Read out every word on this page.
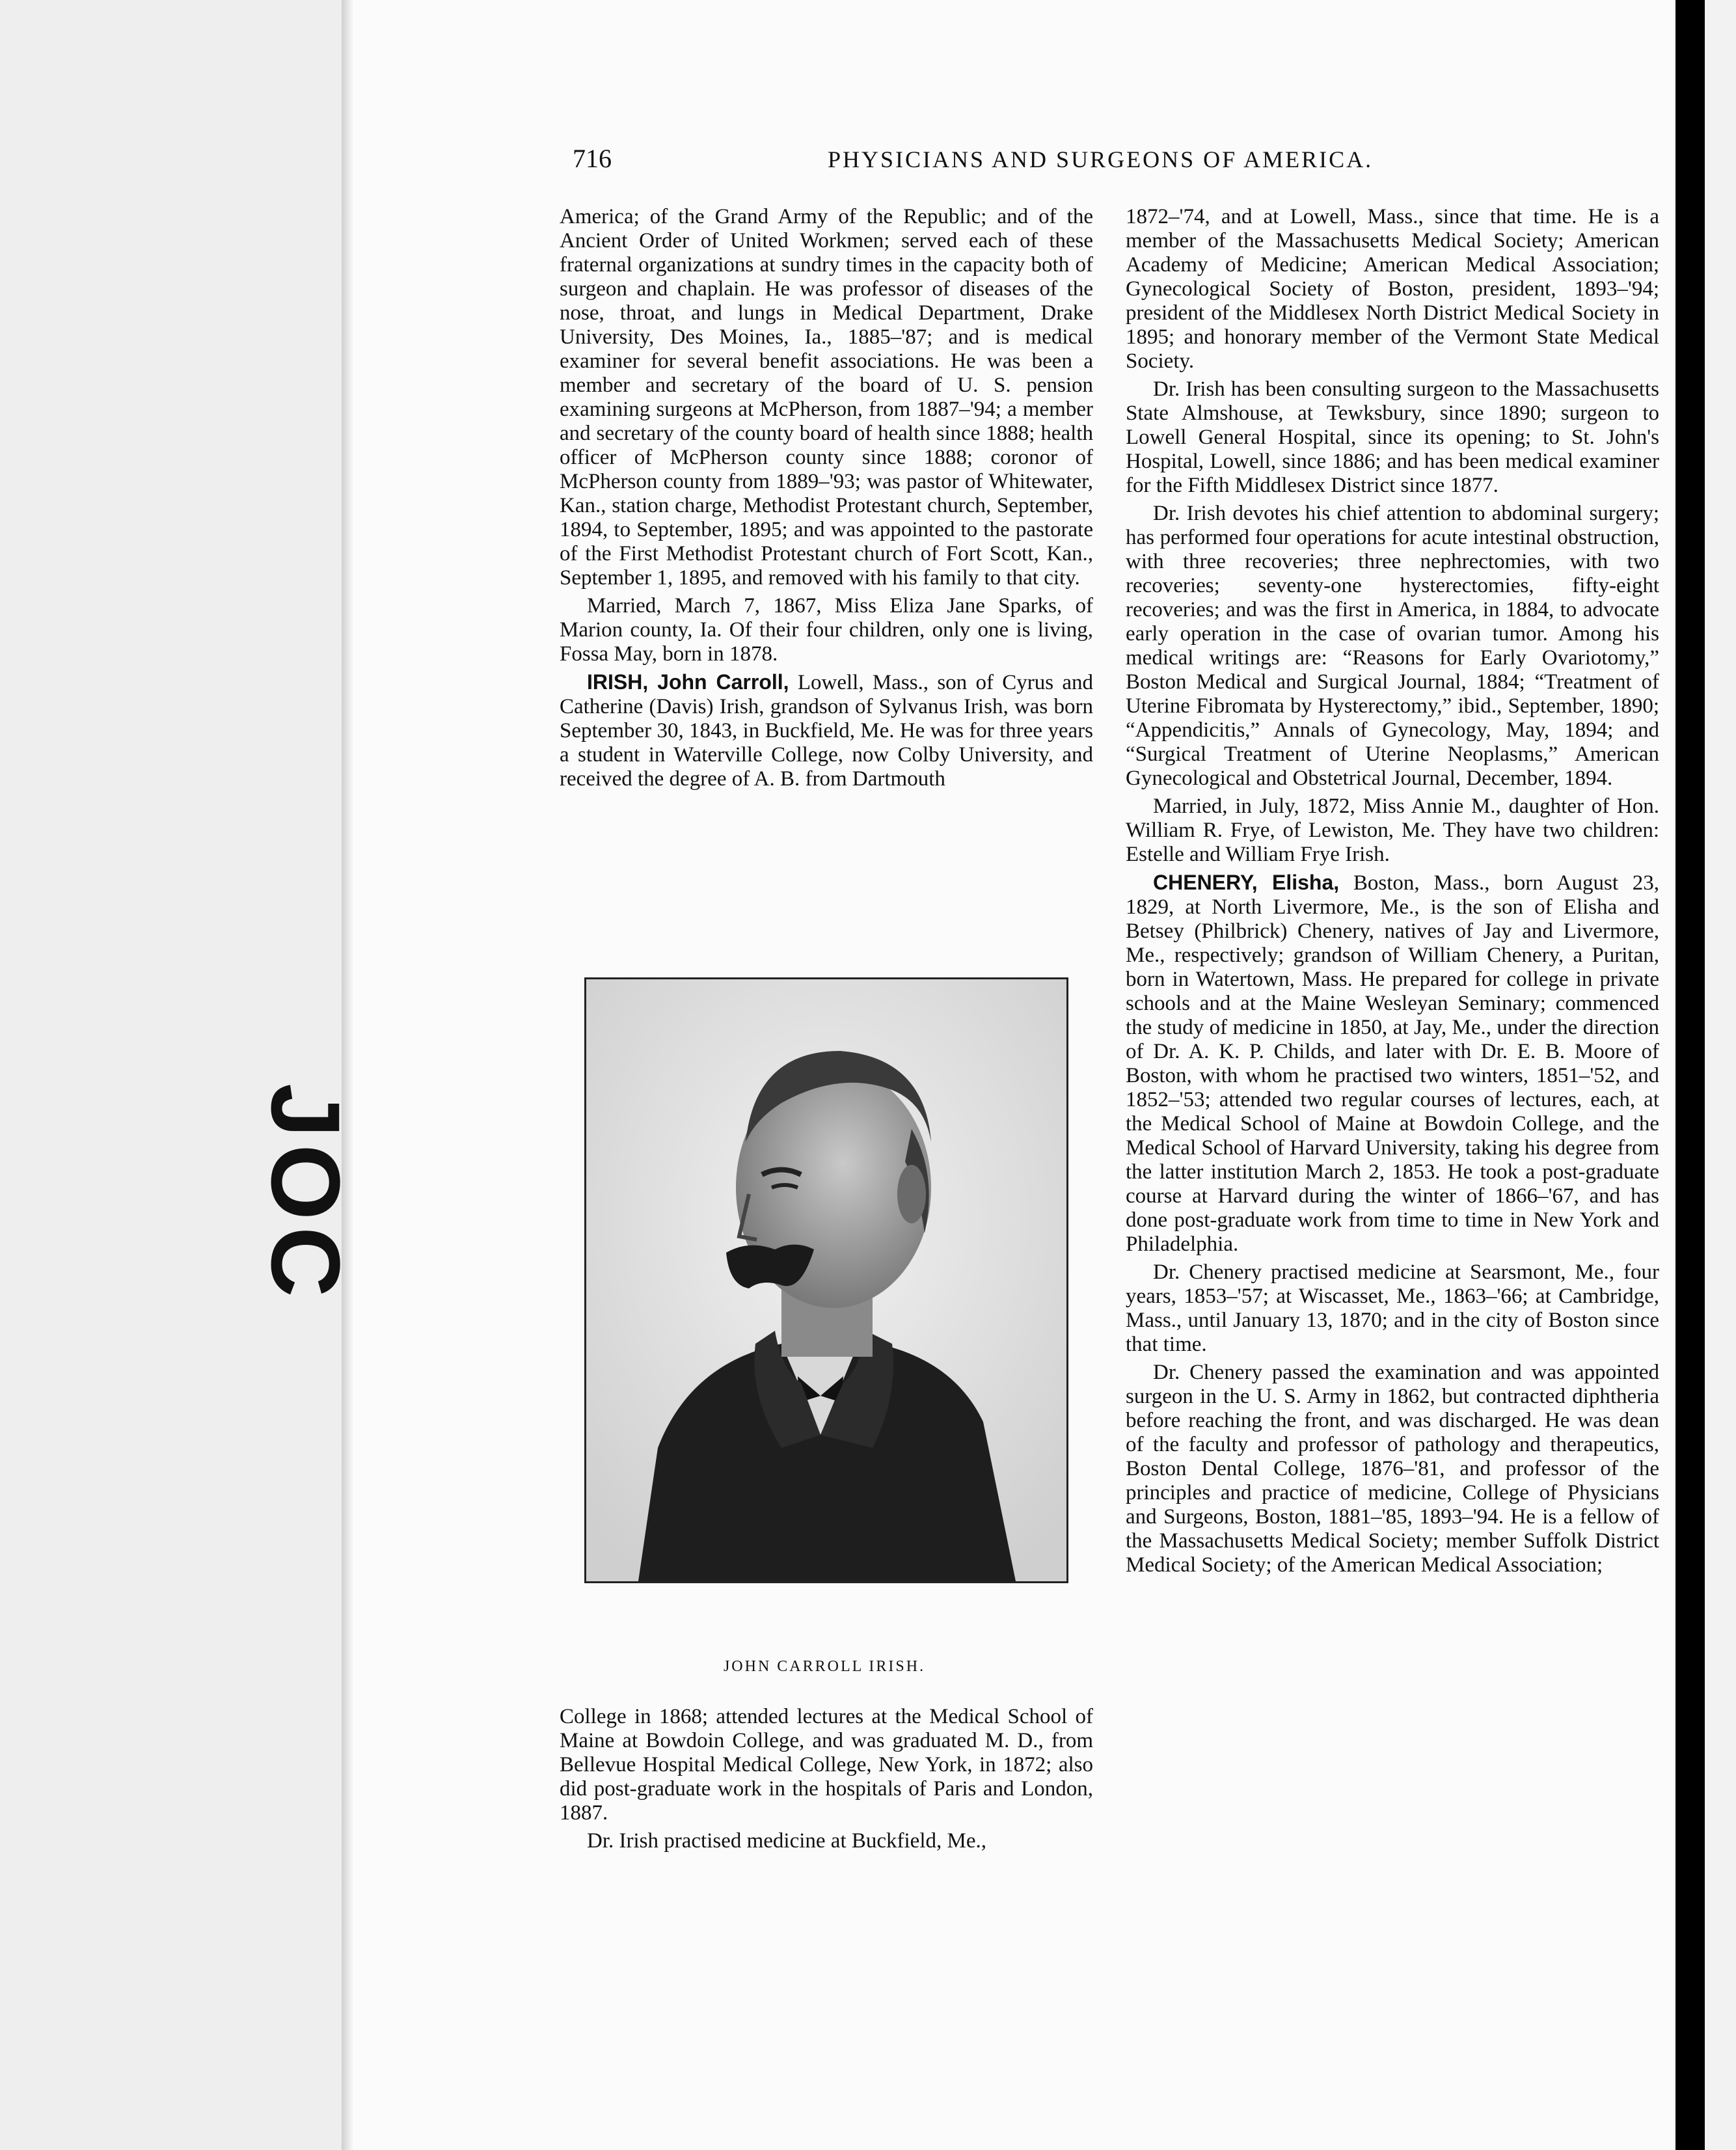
716	PHYSICIANS AND SURGEONS OF AMERICA.

America; of the Grand Army of the Republic; and of the Ancient Order of United Workmen; served each of these fraternal organizations at sundry times in the capacity both of surgeon and chaplain. He was professor of diseases of the nose, throat, and lungs in Medical Department, Drake University, Des Moines, Ia., 1885–'87; and is medical examiner for several benefit associations. He was been a member and secretary of the board of U. S. pension examining surgeons at McPherson, from 1887–'94; a member and secretary of the county board of health since 1888; health officer of McPherson county since 1888; coronor of McPherson county from 1889–'93; was pastor of Whitewater, Kan., station charge, Methodist Protestant church, September, 1894, to September, 1895; and was appointed to the pastorate of the First Methodist Protestant church of Fort Scott, Kan., September 1, 1895, and removed with his family to that city.

Married, March 7, 1867, Miss Eliza Jane Sparks, of Marion county, Ia. Of their four children, only one is living, Fossa May, born in 1878.

IRISH, John Carroll, Lowell, Mass., son of Cyrus and Catherine (Davis) Irish, grandson of Sylvanus Irish, was born September 30, 1843, in Buckfield, Me. He was for three years a student in Waterville College, now Colby University, and received the degree of A. B. from Dartmouth

JOHN CARROLL IRISH.

College in 1868; attended lectures at the Medical School of Maine at Bowdoin College, and was graduated M. D., from Bellevue Hospital Medical College, New York, in 1872; also did post-graduate work in the hospitals of Paris and London, 1887.

Dr. Irish practised medicine at Buckfield, Me.,

1872–'74, and at Lowell, Mass., since that time. He is a member of the Massachusetts Medical Society; American Academy of Medicine; American Medical Association; Gynecological Society of Boston, president, 1893–'94; president of the Middlesex North District Medical Society in 1895; and honorary member of the Vermont State Medical Society.

Dr. Irish has been consulting surgeon to the Massachusetts State Almshouse, at Tewksbury, since 1890; surgeon to Lowell General Hospital, since its opening; to St. John's Hospital, Lowell, since 1886; and has been medical examiner for the Fifth Middlesex District since 1877.

Dr. Irish devotes his chief attention to abdominal surgery; has performed four operations for acute intestinal obstruction, with three recoveries; three nephrectomies, with two recoveries; seventy-one hysterectomies, fifty-eight recoveries; and was the first in America, in 1884, to advocate early operation in the case of ovarian tumor. Among his medical writings are: “Reasons for Early Ovariotomy,” Boston Medical and Surgical Journal, 1884; “Treatment of Uterine Fibromata by Hysterectomy,” ibid., September, 1890; “Appendicitis,” Annals of Gynecology, May, 1894; and “Surgical Treatment of Uterine Neoplasms,” American Gynecological and Obstetrical Journal, December, 1894.

Married, in July, 1872, Miss Annie M., daughter of Hon. William R. Frye, of Lewiston, Me. They have two children: Estelle and William Frye Irish.

CHENERY, Elisha, Boston, Mass., born August 23, 1829, at North Livermore, Me., is the son of Elisha and Betsey (Philbrick) Chenery, natives of Jay and Livermore, Me., respectively; grandson of William Chenery, a Puritan, born in Watertown, Mass. He prepared for college in private schools and at the Maine Wesleyan Seminary; commenced the study of medicine in 1850, at Jay, Me., under the direction of Dr. A. K. P. Childs, and later with Dr. E. B. Moore of Boston, with whom he practised two winters, 1851–'52, and 1852–'53; attended two regular courses of lectures, each, at the Medical School of Maine at Bowdoin College, and the Medical School of Harvard University, taking his degree from the latter institution March 2, 1853. He took a post-graduate course at Harvard during the winter of 1866–'67, and has done post-graduate work from time to time in New York and Philadelphia.

Dr. Chenery practised medicine at Searsmont, Me., four years, 1853–'57; at Wiscasset, Me., 1863–'66; at Cambridge, Mass., until January 13, 1870; and in the city of Boston since that time.

Dr. Chenery passed the examination and was appointed surgeon in the U. S. Army in 1862, but contracted diphtheria before reaching the front, and was discharged. He was dean of the faculty and professor of pathology and therapeutics, Boston Dental College, 1876–'81, and professor of the principles and practice of medicine, College of Physicians and Surgeons, Boston, 1881–'85, 1893–'94. He is a fellow of the Massachusetts Medical Society; member Suffolk District Medical Society; of the American Medical Association;
